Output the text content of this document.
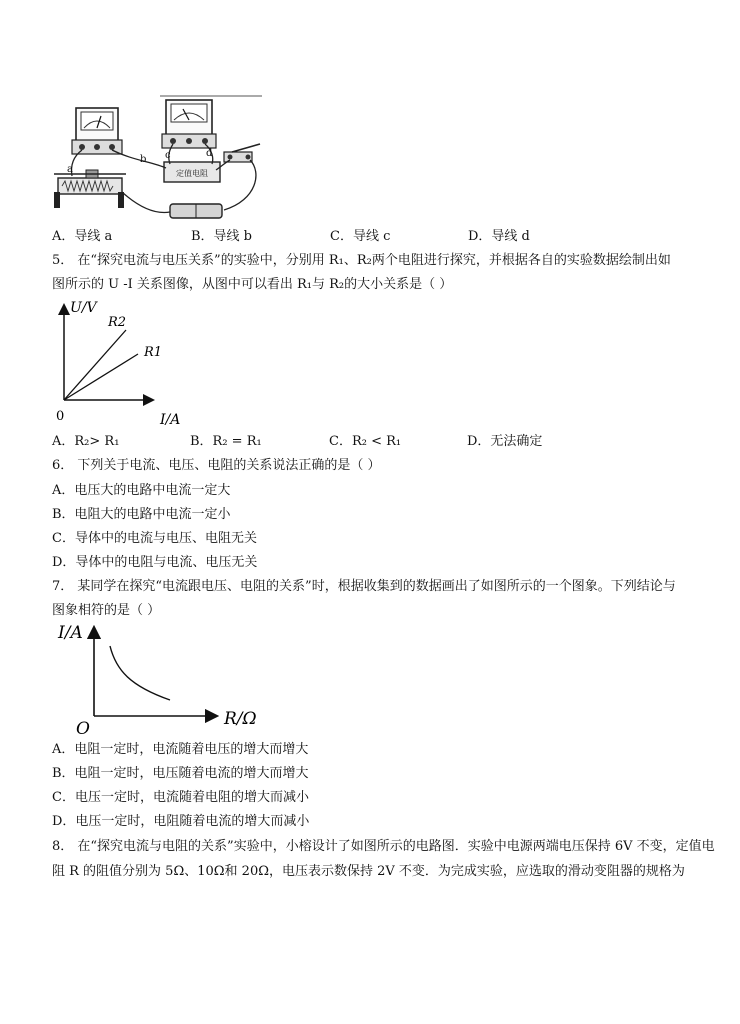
定值电阻
a
b c	d
A．导线 a	B．导线 b	C．导线 c	D．导线 d
5． 在“探究电流与电压关系”的实验中，分别用 R₁、R₂两个电阻进行探究，并根据各自的实验数据绘制出如
图所示的 U -I 关系图像，从图中可以看出 R₁与 R₂的大小关系是（ ）
U/V
I/A
0
R2
R1
A．R₂> R₁	B．R₂ = R₁	C．R₂ < R₁	D．无法确定
6． 下列关于电流、电压、电阻的关系说法正确的是（ ）
A．电压大的电路中电流一定大
B．电阻大的电路中电流一定小
C．导体中的电流与电压、电阻无关
D．导体中的电阻与电流、电压无关
7． 某同学在探究“电流跟电压、电阻的关系”时，根据收集到的数据画出了如图所示的一个图象。下列结论与
图象相符的是（ ）
I/A
R/Ω
O
A．电阻一定时，电流随着电压的增大而增大
B．电阻一定时，电压随着电流的增大而增大
C．电压一定时，电流随着电阻的增大而减小
D．电压一定时，电阻随着电流的增大而减小
8． 在“探究电流与电阻的关系”实验中，小榕设计了如图所示的电路图．实验中电源两端电压保持 6V 不变，定值电阻 R 的阻值分别为 5Ω、10Ω和 20Ω，电压表示数保持 2V 不变．为完成实验，应选取的滑动变阻器的规格为
